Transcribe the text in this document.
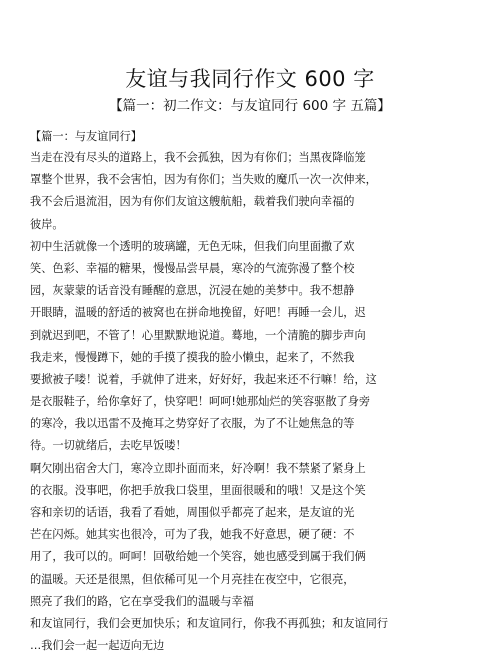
友谊与我同行作文 600 字
【篇一：初二作文：与友谊同行 600 字 五篇】
【篇一：与友谊同行】
当走在没有尽头的道路上，我不会孤独，因为有你们；当黑夜降临笼
罩整个世界，我不会害怕，因为有你们；当失败的魔爪一次一次伸来，
我不会后退流泪，因为有你们友谊这艘航船，载着我们驶向幸福的
彼岸。
初中生活就像一个透明的玻璃罐，无色无味，但我们向里面撒了欢
笑、色彩、幸福的糖果，慢慢品尝早晨，寒冷的气流弥漫了整个校
园，灰蒙蒙的话音没有睡醒的意思，沉浸在她的美梦中。我不想静
开眼睛，温暖的舒适的被窝也在拼命地挽留，好吧！再睡一会儿，迟
到就迟到吧，不管了！心里默默地说道。蓦地，一个清脆的脚步声向
我走来，慢慢蹲下，她的手摸了摸我的脸小懒虫，起来了，不然我
要掀被子喽！说着，手就伸了进来，好好好，我起来还不行嘛！给，这
是衣服鞋子，给你拿好了，快穿吧！呵呵!她那灿烂的笑容驱散了身旁
的寒冷，我以迅雷不及掩耳之势穿好了衣服，为了不让她焦急的等
待。一切就绪后，去吃早饭喽！
啊欠刚出宿舍大门，寒冷立即扑面而来，好冷啊！我不禁紧了紧身上
的衣服。没事吧，你把手放我口袋里，里面很暖和的哦！又是这个笑
容和亲切的话语，我看了看她，周围似乎都亮了起来，是友谊的光
芒在闪烁。她其实也很冷，可为了我，她我不好意思，硬了硬：不
用了，我可以的。呵呵！回敬给她一个笑容，她也感受到属于我们俩
的温暖。天还是很黑，但依稀可见一个月亮挂在夜空中，它很亮，
照亮了我们的路，它在享受我们的温暖与幸福
和友谊同行，我们会更加快乐；和友谊同行，你我不再孤独；和友谊同行
…我们会一起一起迈向无边
